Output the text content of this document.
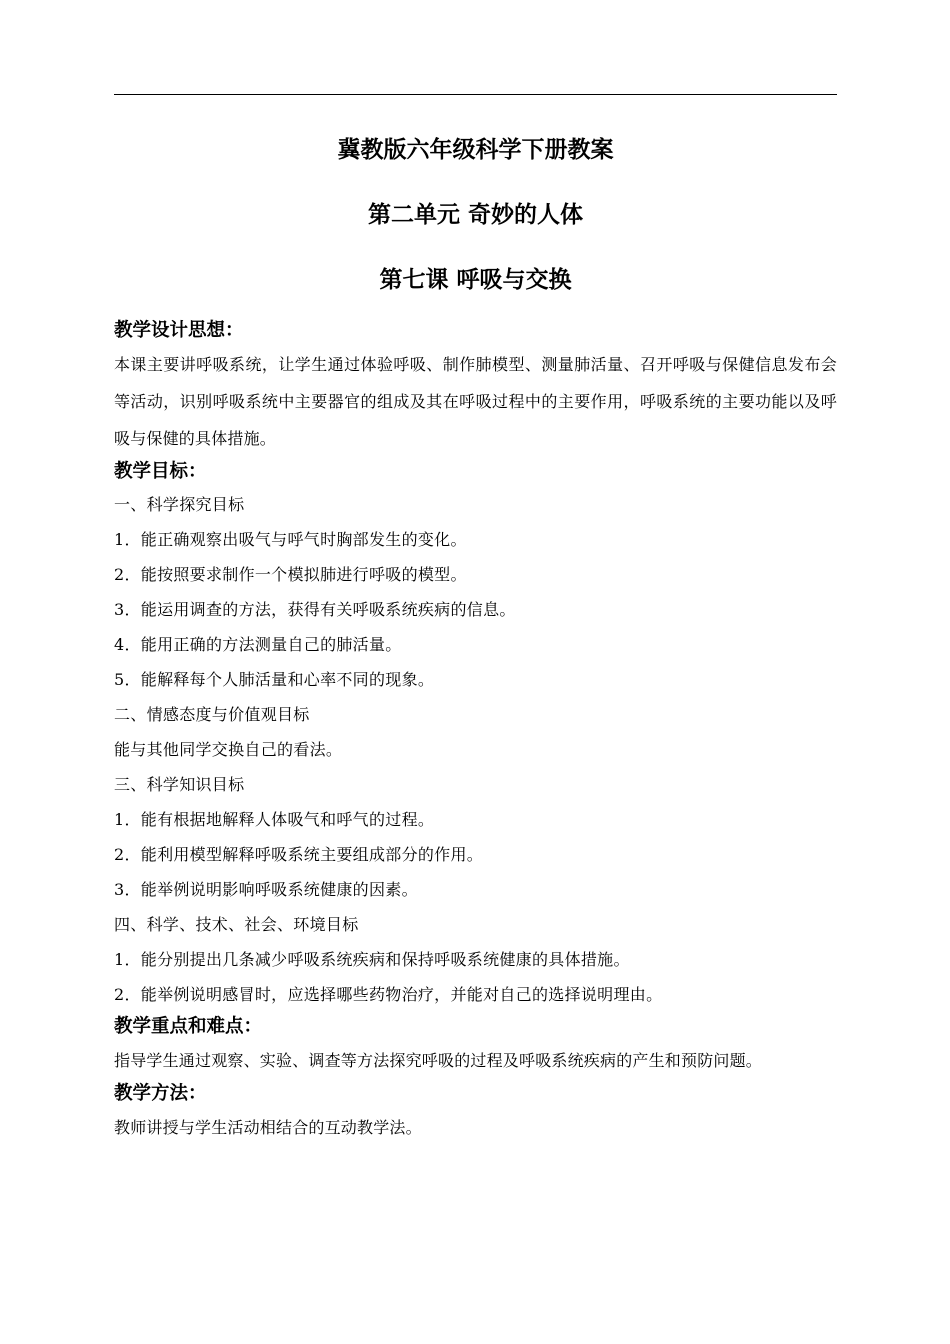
冀教版六年级科学下册教案
第二单元 奇妙的人体
第七课 呼吸与交换
教学设计思想：

本课主要讲呼吸系统，让学生通过体验呼吸、制作肺模型、测量肺活量、召开呼吸与保健信息发布会等活动，识别呼吸系统中主要器官的组成及其在呼吸过程中的主要作用，呼吸系统的主要功能以及呼吸与保健的具体措施。

教学目标：

一、科学探究目标

1．能正确观察出吸气与呼气时胸部发生的变化。

2．能按照要求制作一个模拟肺进行呼吸的模型。

3．能运用调查的方法，获得有关呼吸系统疾病的信息。

4．能用正确的方法测量自己的肺活量。

5．能解释每个人肺活量和心率不同的现象。

二、情感态度与价值观目标

能与其他同学交换自己的看法。

三、科学知识目标

1．能有根据地解释人体吸气和呼气的过程。

2．能利用模型解释呼吸系统主要组成部分的作用。

3．能举例说明影响呼吸系统健康的因素。

四、科学、技术、社会、环境目标

1．能分别提出几条减少呼吸系统疾病和保持呼吸系统健康的具体措施。

2．能举例说明感冒时，应选择哪些药物治疗，并能对自己的选择说明理由。

教学重点和难点：

指导学生通过观察、实验、调查等方法探究呼吸的过程及呼吸系统疾病的产生和预防问题。

教学方法：

教师讲授与学生活动相结合的互动教学法。
